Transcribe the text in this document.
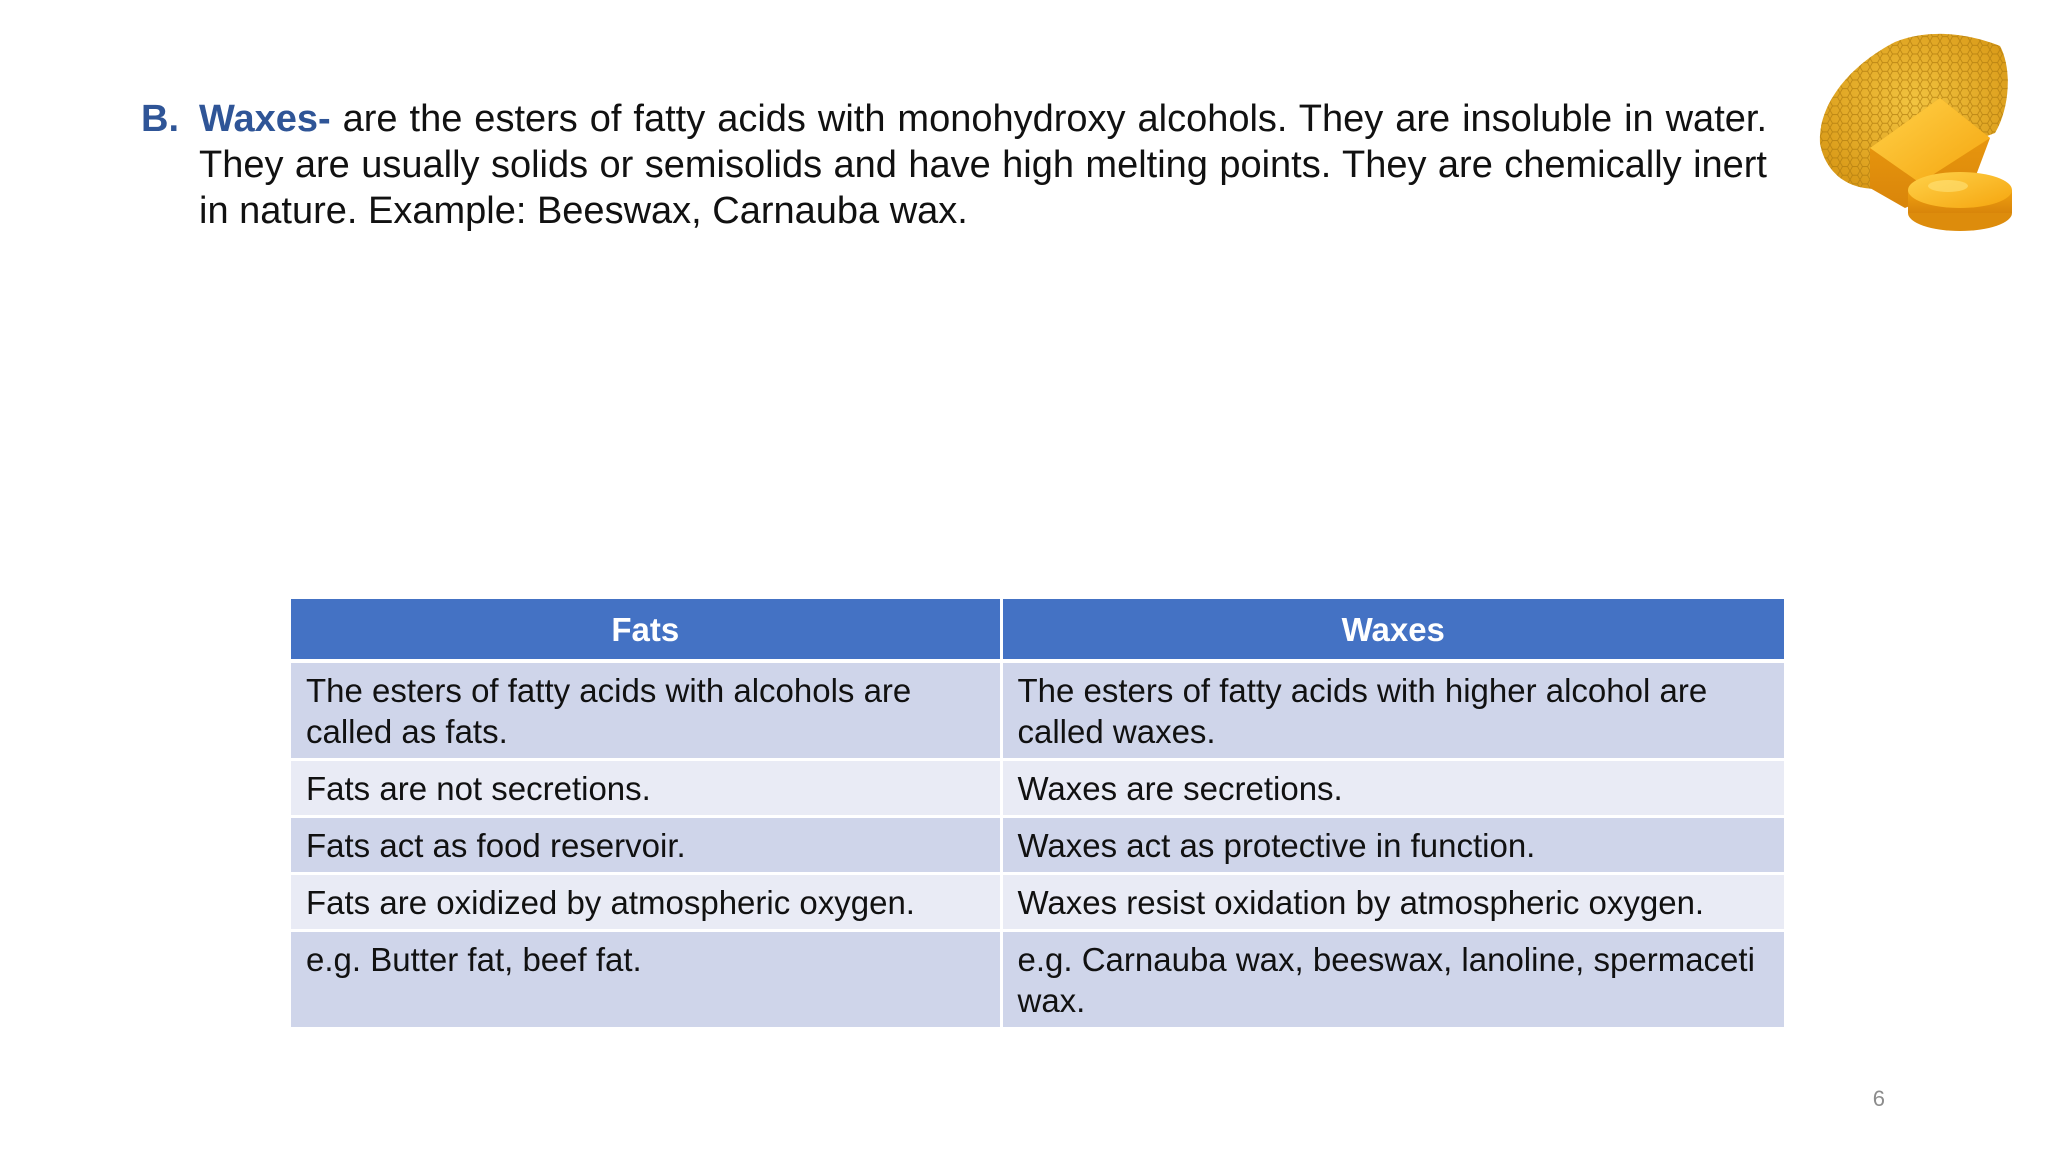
B. Waxes- are the esters of fatty acids with monohydroxy alcohols. They are insoluble in water. They are usually solids or semisolids and have high melting points. They are chemically inert in nature. Example: Beeswax, Carnauba wax.
Fats	Waxes
The esters of fatty acids with alcohols are called as fats.	The esters of fatty acids with higher alcohol are called waxes.
Fats are not secretions.	Waxes are secretions.
Fats act as food reservoir.	Waxes act as protective in function.
Fats are oxidized by atmospheric oxygen.	Waxes resist oxidation by atmospheric oxygen.
e.g. Butter fat, beef fat.	e.g. Carnauba wax, beeswax, lanoline, spermaceti wax.
6
